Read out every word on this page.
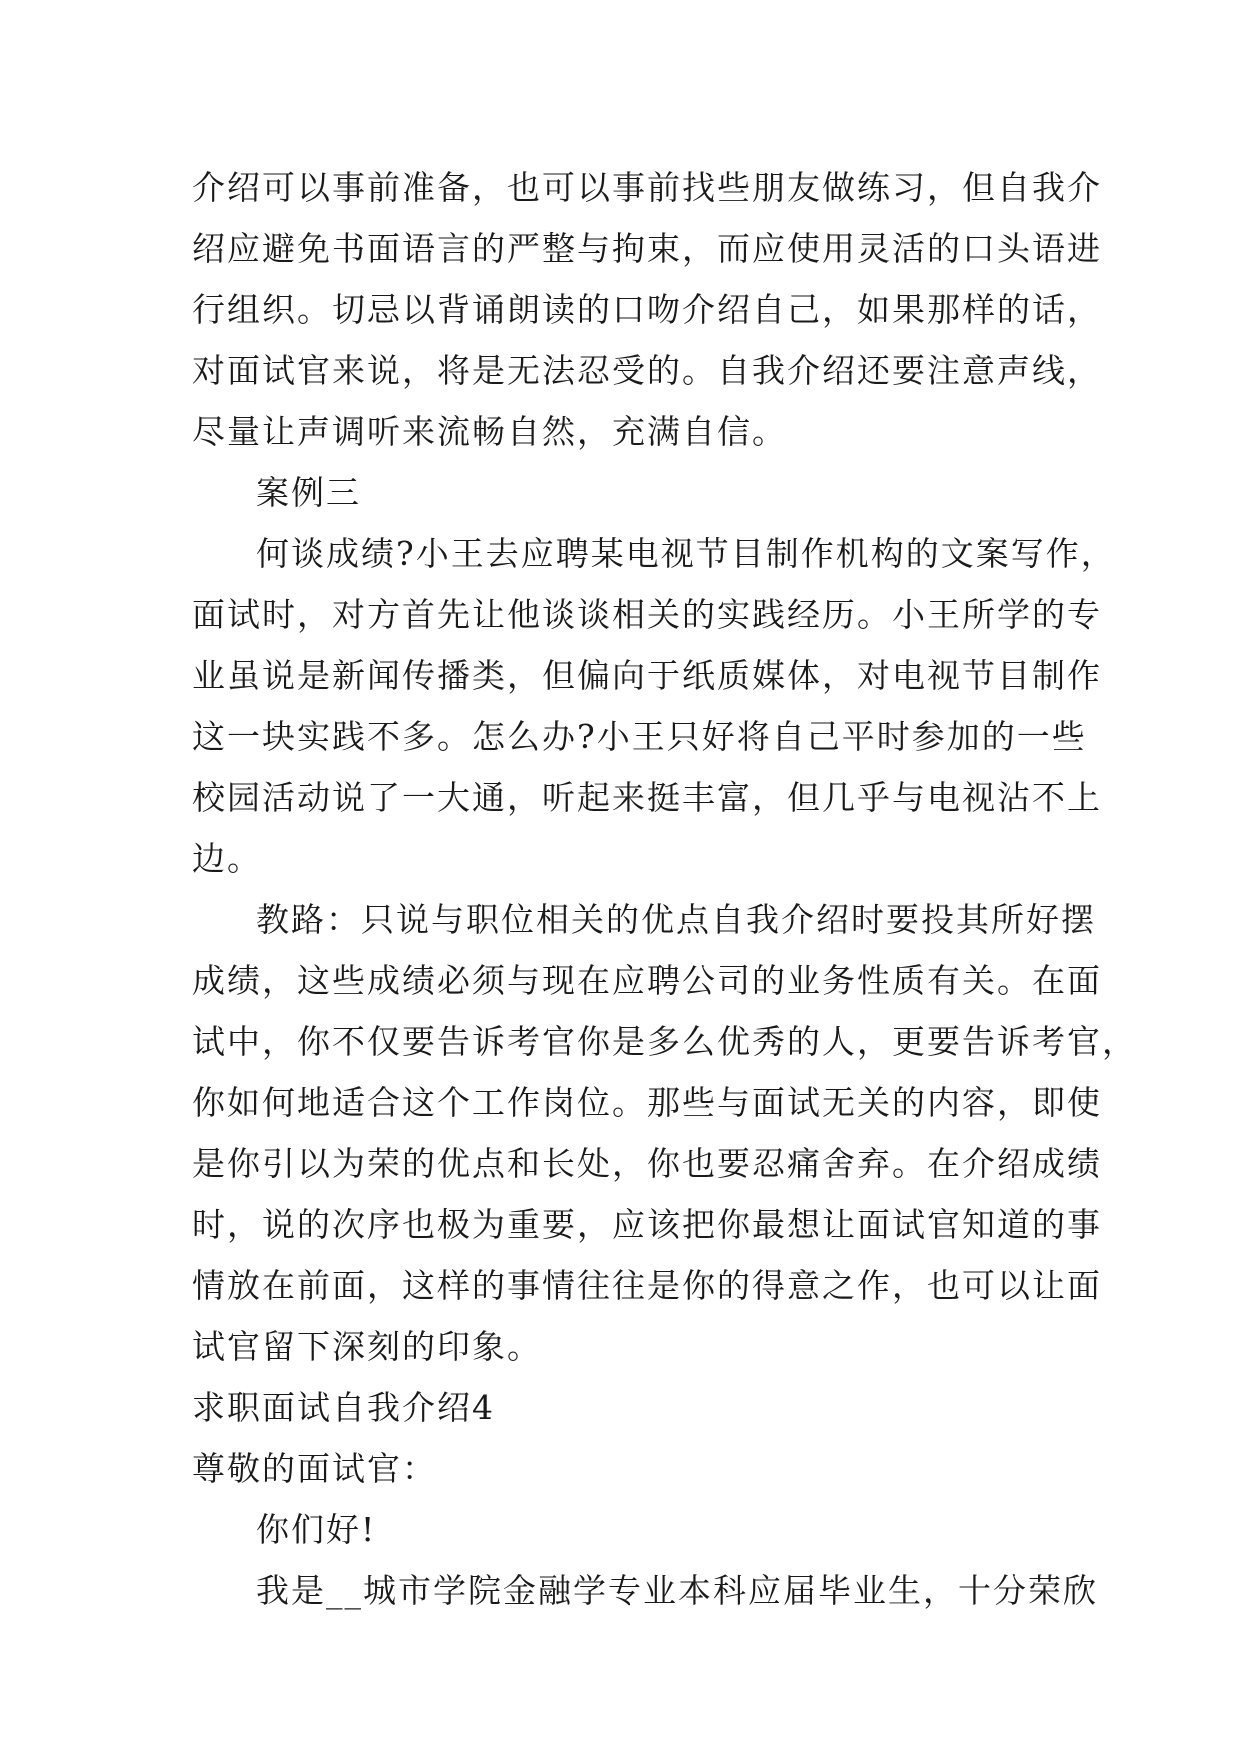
介绍可以事前准备，也可以事前找些朋友做练习，但自我介
绍应避免书面语言的严整与拘束，而应使用灵活的口头语进
行组织。切忌以背诵朗读的口吻介绍自己，如果那样的话，
对面试官来说，将是无法忍受的。自我介绍还要注意声线，
尽量让声调听来流畅自然，充满自信。
案例三
何谈成绩?小王去应聘某电视节目制作机构的文案写作，
面试时，对方首先让他谈谈相关的实践经历。小王所学的专
业虽说是新闻传播类，但偏向于纸质媒体，对电视节目制作
这一块实践不多。怎么办?小王只好将自己平时参加的一些
校园活动说了一大通，听起来挺丰富，但几乎与电视沾不上
边。
教路：只说与职位相关的优点自我介绍时要投其所好摆
成绩，这些成绩必须与现在应聘公司的业务性质有关。在面
试中，你不仅要告诉考官你是多么优秀的人，更要告诉考官，
你如何地适合这个工作岗位。那些与面试无关的内容，即使
是你引以为荣的优点和长处，你也要忍痛舍弃。在介绍成绩
时，说的次序也极为重要，应该把你最想让面试官知道的事
情放在前面，这样的事情往往是你的得意之作，也可以让面
试官留下深刻的印象。
求职面试自我介绍4
尊敬的面试官：
你们好!
我是__城市学院金融学专业本科应届毕业生，十分荣欣
